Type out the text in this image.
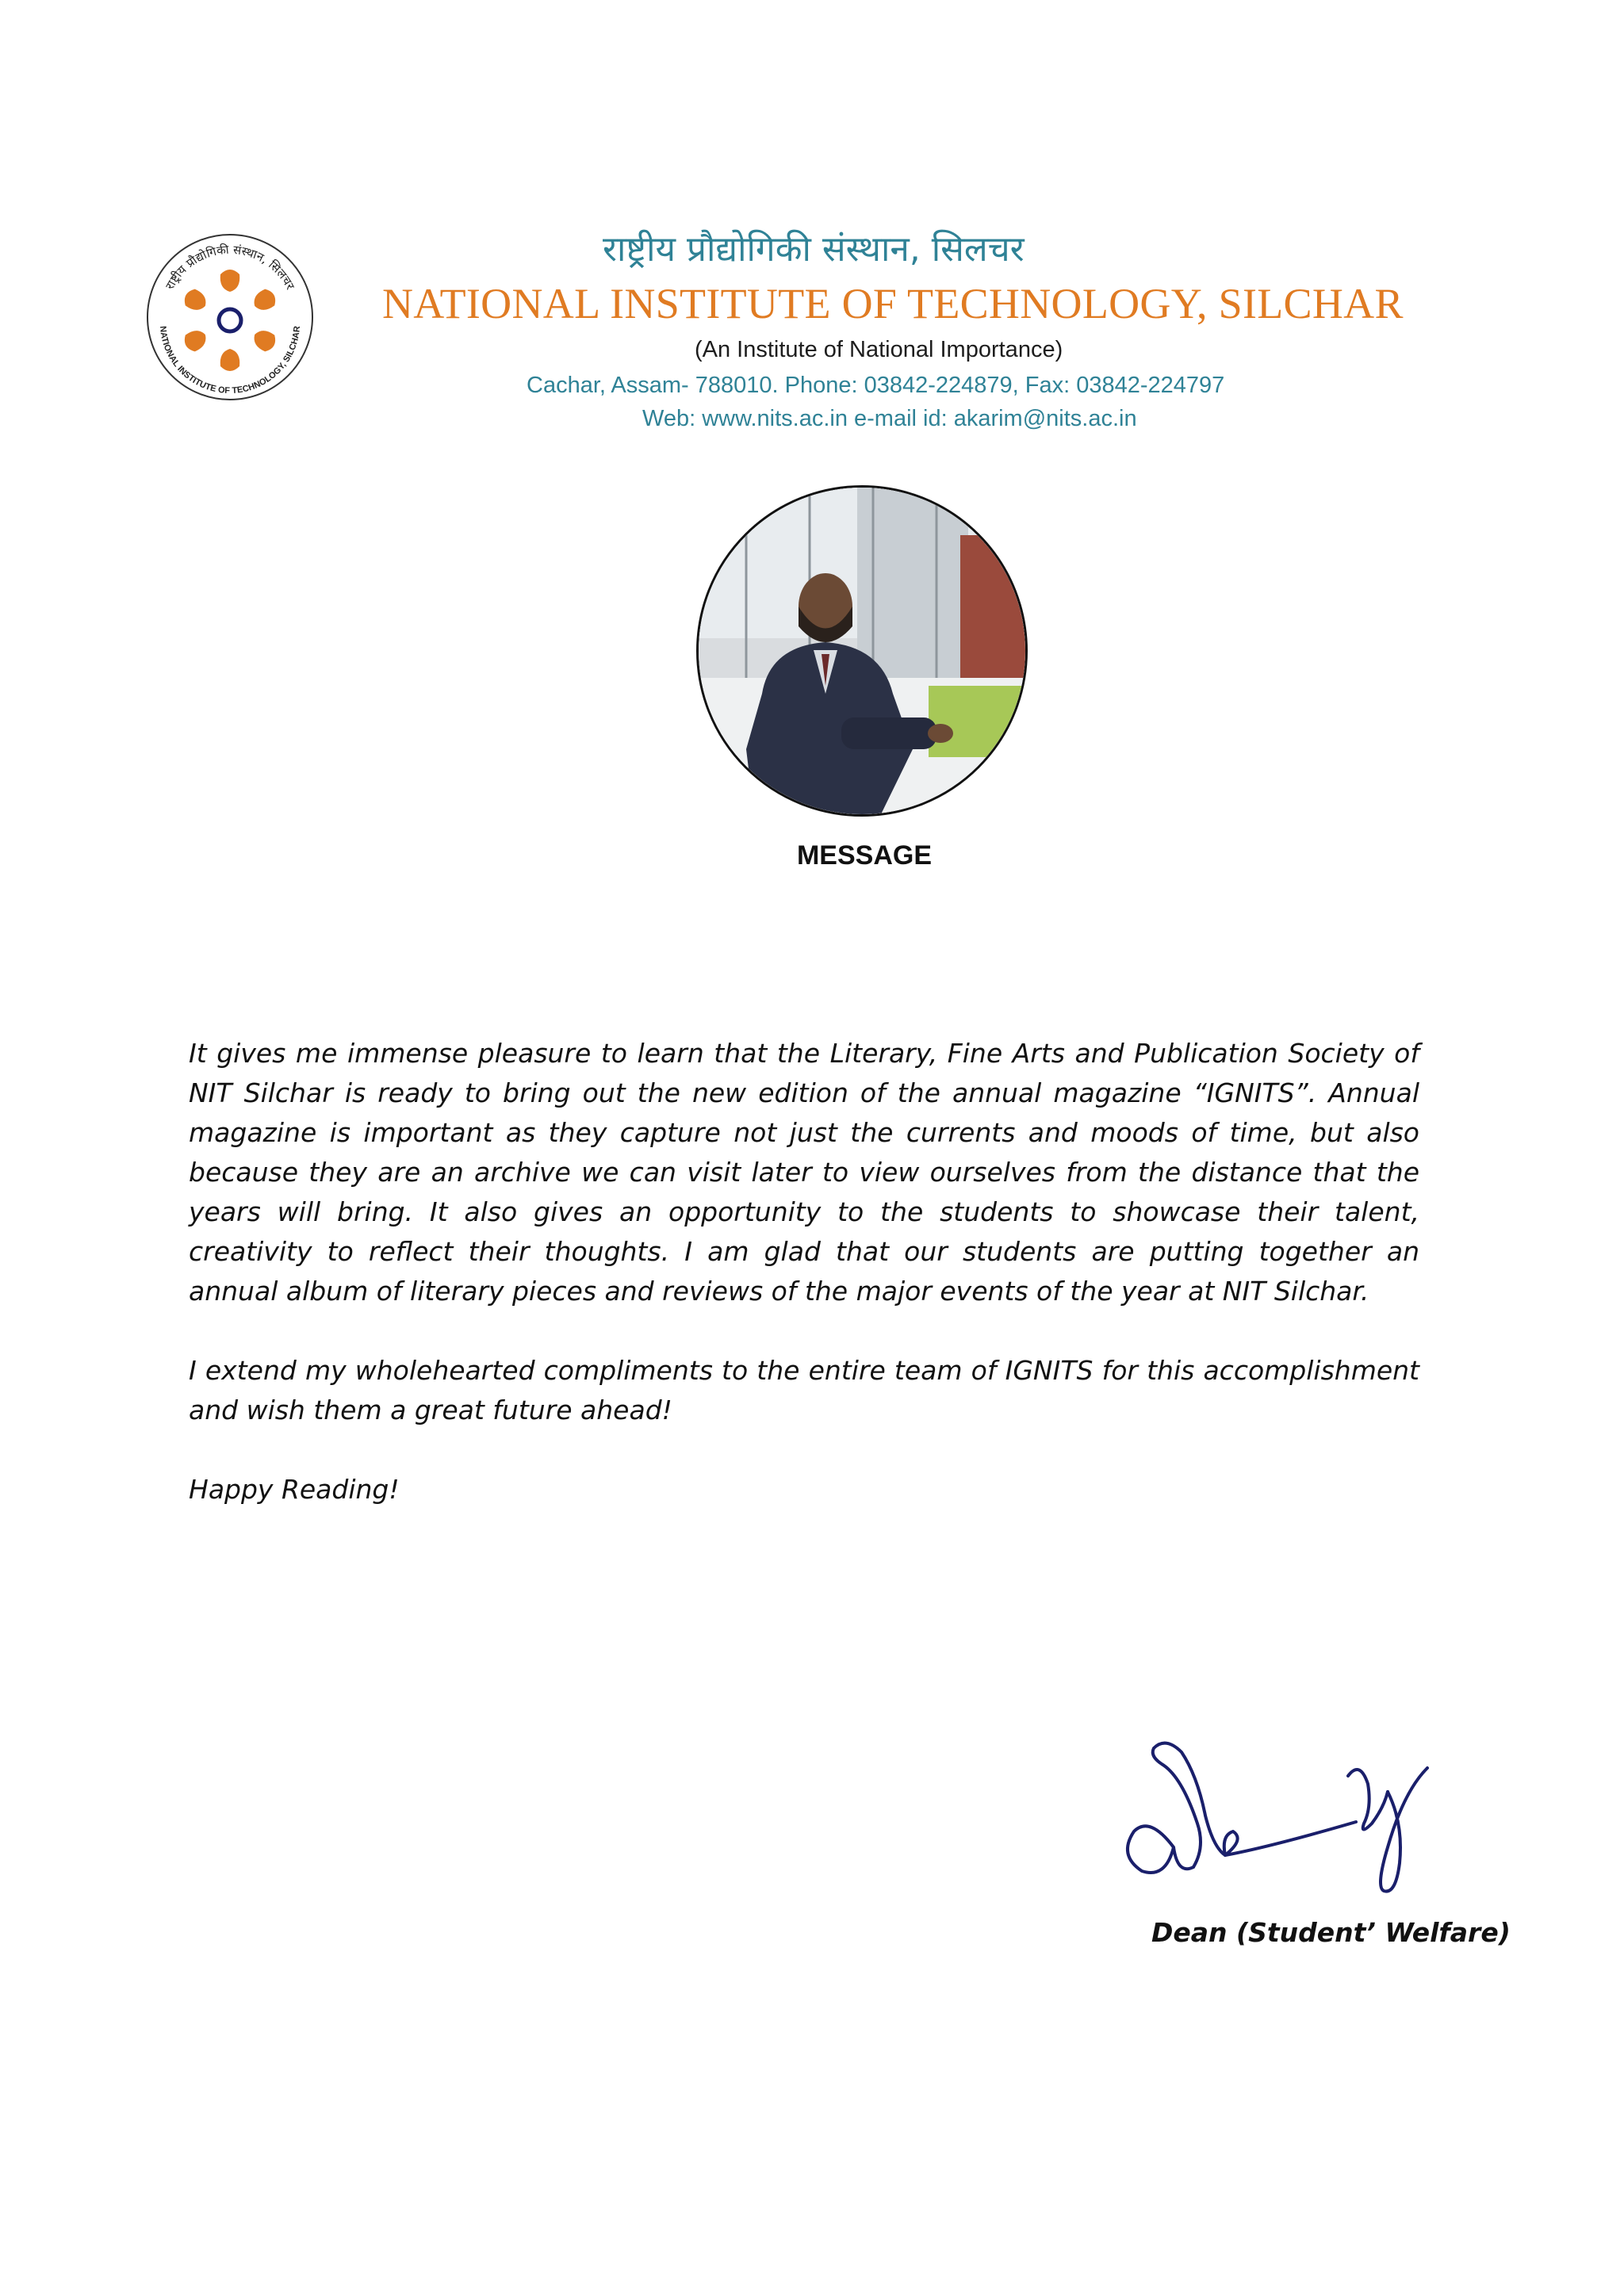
राष्ट्रीय प्रौद्योगिकी संस्थान, सिलचर
NATIONAL INSTITUTE OF TECHNOLOGY, SILCHAR
राष्ट्रीय प्रौद्योगिकी संस्थान, सिलचर
NATIONAL INSTITUTE OF TECHNOLOGY, SILCHAR
(An Institute of National Importance)
Cachar, Assam- 788010. Phone: 03842-224879, Fax: 03842-224797
Web: www.nits.ac.in e-mail id: akarim@nits.ac.in
MESSAGE

It gives me immense pleasure to learn that the Literary, Fine Arts and Publication Society of NIT Silchar is ready to bring out the new edition of the annual magazine “IGNITS”. Annual magazine is important as they capture not just the currents and moods of time, but also because they are an archive we can visit later to view ourselves from the distance that the years will bring. It also gives an opportunity to the students to showcase their talent, creativity to reflect their thoughts. I am glad that our students are putting together an annual album of literary pieces and reviews of the major events of the year at NIT Silchar.

I extend my wholehearted compliments to the entire team of IGNITS for this accomplishment and wish them a great future ahead!

Happy Reading!

Dean (Student’ Welfare)
